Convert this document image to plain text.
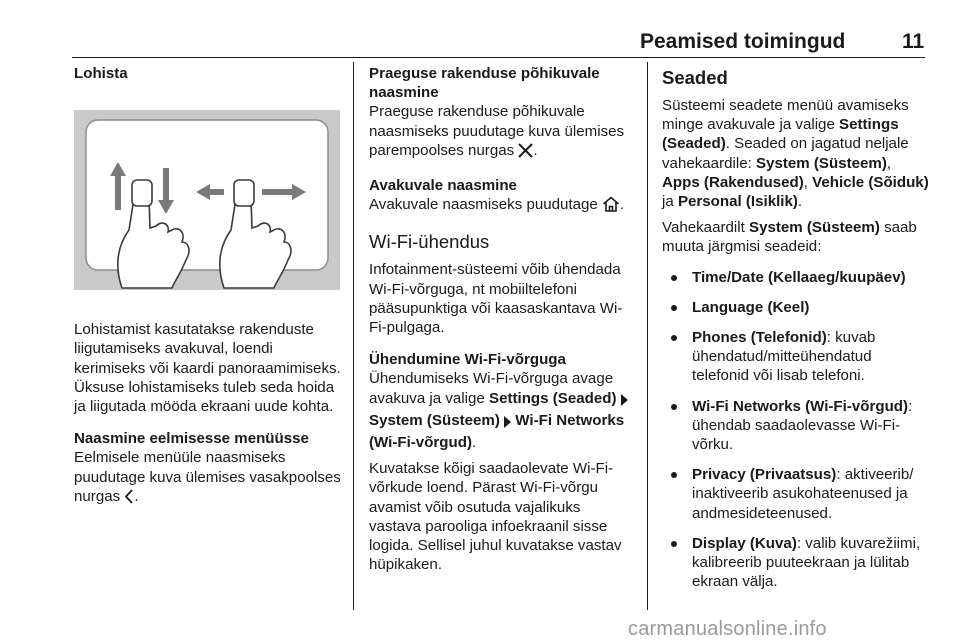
Peamised toimingud	11

Lohista

Lohistamist kasutatakse rakenduste liigutamiseks avakuval, loendi kerimiseks või kaardi panoraamimiseks. Üksuse lohistamiseks tuleb seda hoida ja liigutada mööda ekraani uude kohta.

Naasmine eelmisesse menüüsse

Eelmisele menüüle naasmiseks puudutage kuva ülemises vasakpoolses nurgas .

Praeguse rakenduse põhikuvale naasmine

Praeguse rakenduse põhikuvale naasmiseks puudutage kuva ülemises parempoolses nurgas .

Avakuvale naasmine

Avakuvale naasmiseks puudutage .

Wi-Fi-ühendus

Infotainment-süsteemi võib ühendada Wi-Fi-võrguga, nt mobiiltelefoni pääsupunktiga või kaasaskantava Wi-Fi-pulgaga.

Ühendumine Wi-Fi-võrguga

Ühendumiseks Wi-Fi-võrguga avage avakuva ja valige Settings (Seaded)  System (Süsteem) Wi-Fi Networks (Wi-Fi-võrgud).

Kuvatakse kõigi saadaolevate Wi-Fi-võrkude loend. Pärast Wi-Fi-võrgu avamist võib osutuda vajalikuks vastava parooliga infoekraanil sisse logida. Sellisel juhul kuvatakse vastav hüpikaken.

Seaded

Süsteemi seadete menüü avamiseks minge avakuvale ja valige Settings (Seaded). Seaded on jagatud neljale vahekaardile: System (Süsteem), Apps (Rakendused), Vehicle (Sõiduk) ja Personal (Isiklik).

Vahekaardilt System (Süsteem) saab muuta järgmisi seadeid:

Time/Date (Kellaaeg/kuupäev)
Language (Keel)
Phones (Telefonid): kuvab ühendatud/mitteühendatud telefonid või lisab telefoni.
Wi-Fi Networks (Wi-Fi-võrgud): ühendab saadaolevasse Wi-Fi-võrku.
Privacy (Privaatsus): aktiveerib/ inaktiveerib asukohateenused ja andmesideteenused.
Display (Kuva): valib kuvarežiimi, kalibreerib puuteekraan ja lülitab ekraan välja.
carmanualsonline.info
